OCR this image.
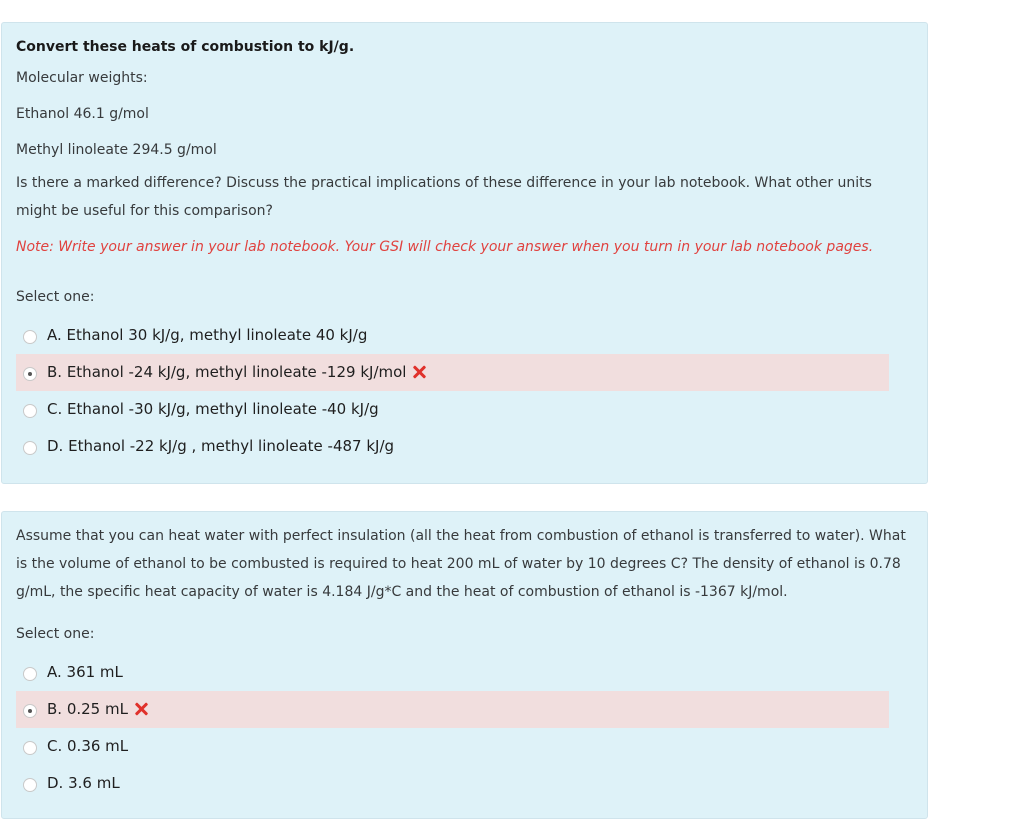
Convert these heats of combustion to kJ/g.

Molecular weights:

Ethanol 46.1 g/mol

Methyl linoleate 294.5 g/mol

Is there a marked difference? Discuss the practical implications of these difference in your lab notebook. What other units might be useful for this comparison?

Note: Write your answer in your lab notebook. Your GSI will check your answer when you turn in your lab notebook pages.

Select one:

A. Ethanol 30 kJ/g, methyl linoleate 40 kJ/g
B. Ethanol -24 kJ/g, methyl linoleate -129 kJ/mol
C. Ethanol -30 kJ/g, methyl linoleate -40 kJ/g
D. Ethanol -22 kJ/g , methyl linoleate -487 kJ/g

Assume that you can heat water with perfect insulation (all the heat from combustion of ethanol is transferred to water). What is the volume of ethanol to be combusted is required to heat 200 mL of water by 10 degrees C? The density of ethanol is 0.78 g/mL, the specific heat capacity of water is 4.184 J/g*C and the heat of combustion of ethanol is -1367 kJ/mol.

Select one:

A. 361 mL
B. 0.25 mL
C. 0.36 mL
D. 3.6 mL
